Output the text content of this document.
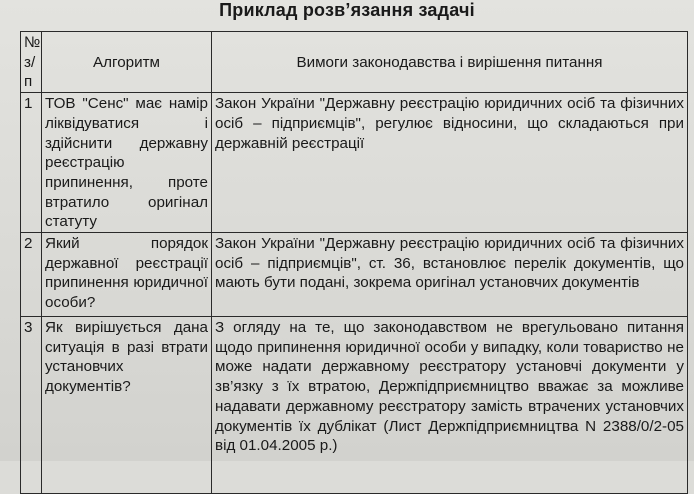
Приклад розв’язання задачі
№ з/п	Алгоритм	Вимоги законодавства і вирішення питання
1	ТОВ "Сенс" має намір ліквідуватися і здійснити державну реєстрацію припинення, проте втратило оригінал статуту	Закон України "Державну реєстрацію юридичних осіб та фізичних осіб – підприємців", регулює відносини, що складаються при державній реєстрації
2	Який порядок державної реєстрації припинення юридичної особи?	Закон України "Державну реєстрацію юридичних осіб та фізичних осіб – підприємців", ст. 36, встановлює перелік документів, що мають бути подані, зокрема оригінал установчих документів
3	Як вирішується дана ситуація в разі втрати установчих документів?	З огляду на те, що законодавством не врегульовано питання щодо припинення юридичної особи у випадку, коли товариство не може надати державному реєстратору установчі документи у зв’язку з їх втратою, Держпідприємництво вважає за можливе надавати державному реєстратору замість втрачених установчих документів їх дублікат (Лист Держпідприємництва N 2388/0/2-05 від 01.04.2005 р.)
